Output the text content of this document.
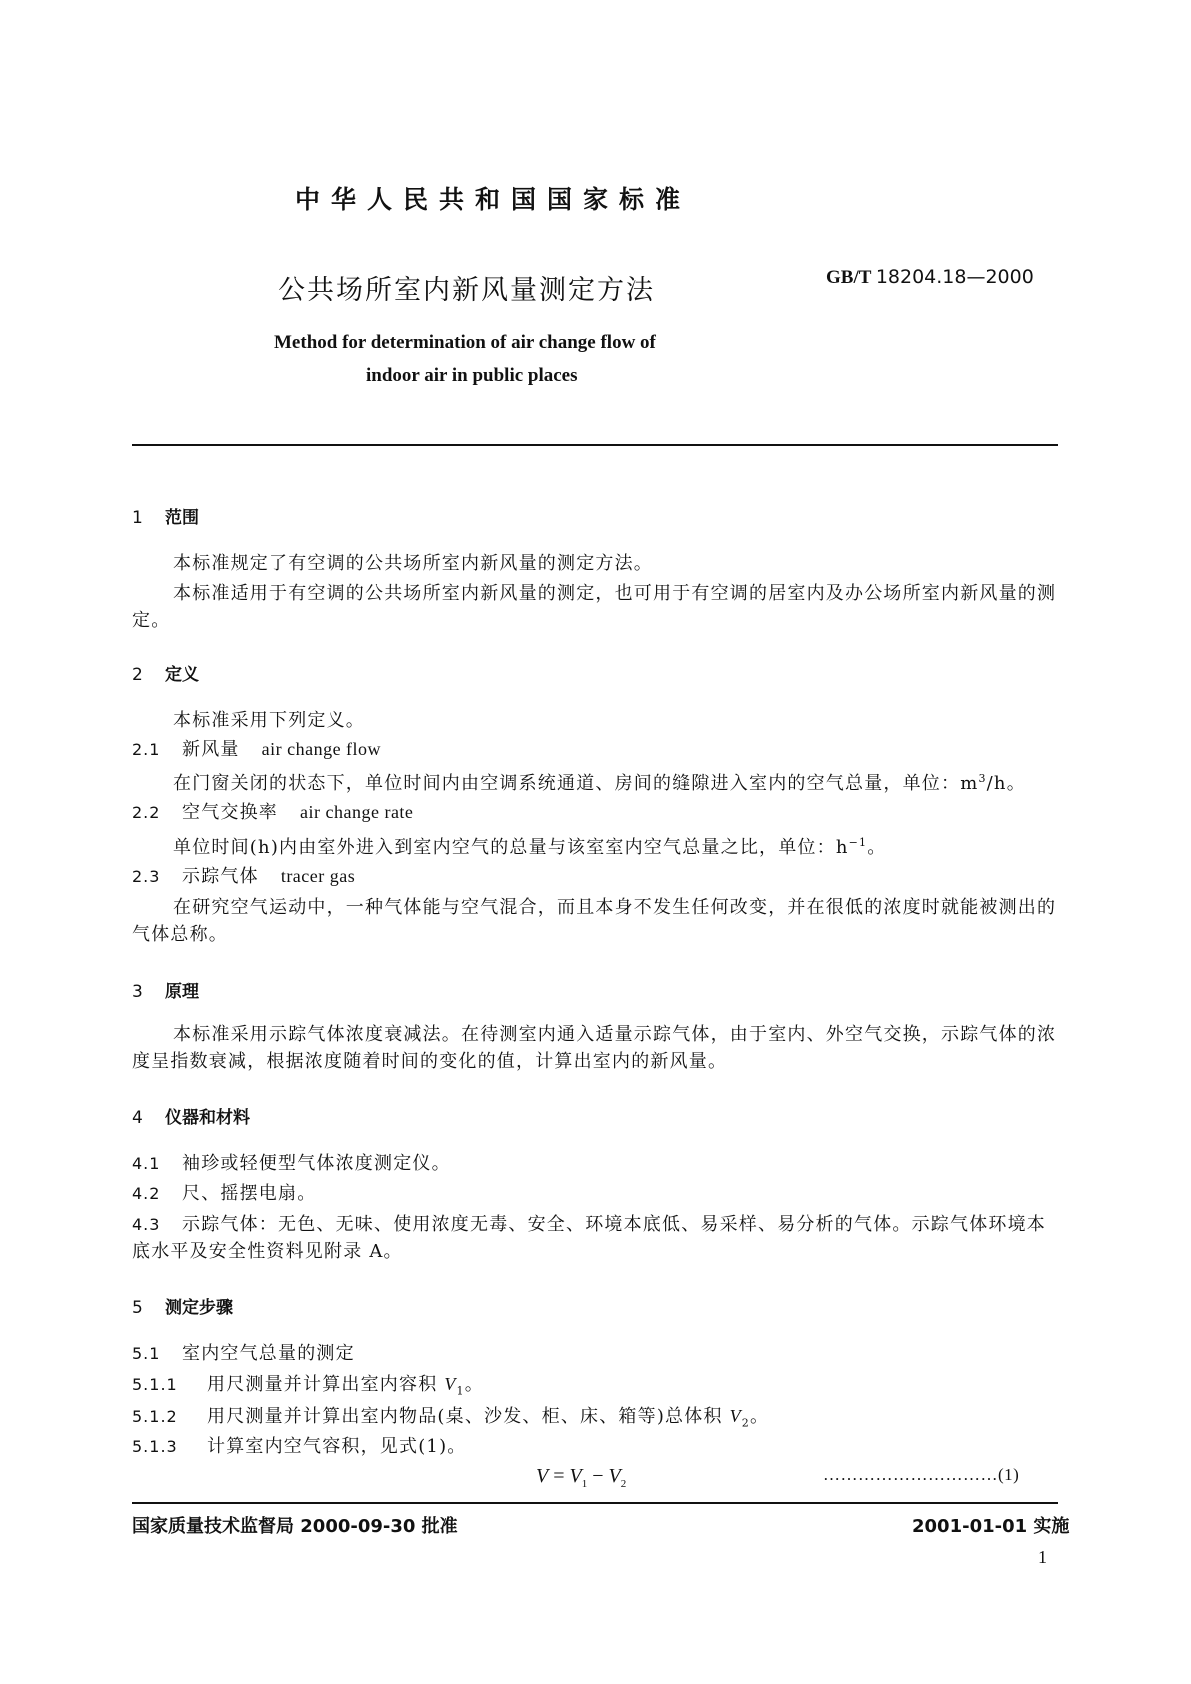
中华人民共和国国家标准
公共场所室内新风量测定方法	GB/T 18204.18—2000
Method for determination of air change flow of
indoor air in public places
1 范围
本标准规定了有空调的公共场所室内新风量的测定方法。
本标准适用于有空调的公共场所室内新风量的测定，也可用于有空调的居室内及办公场所室内新风量的测定。
2 定义
本标准采用下列定义。
2.1 新风量 air change flow
在门窗关闭的状态下，单位时间内由空调系统通道、房间的缝隙进入室内的空气总量，单位：$m^3/h$。
2.2 空气交换率 air change rate
单位时间(h)内由室外进入到室内空气的总量与该室室内空气总量之比，单位：$h^{-1}$。
2.3 示踪气体 tracer gas
在研究空气运动中，一种气体能与空气混合，而且本身不发生任何改变，并在很低的浓度时就能被测出的气体总称。
3 原理
本标准采用示踪气体浓度衰减法。在待测室内通入适量示踪气体，由于室内、外空气交换，示踪气体的浓度呈指数衰减，根据浓度随着时间的变化的值，计算出室内的新风量。
4 仪器和材料
4.1 袖珍或轻便型气体浓度测定仪。
4.2 尺、摇摆电扇。
4.3 示踪气体：无色、无味、使用浓度无毒、安全、环境本底低、易采样、易分析的气体。示踪气体环境本底水平及安全性资料见附录 A。
5 测定步骤
5.1 室内空气总量的测定
5.1.1 用尺测量并计算出室内容积 $V_1$。
5.1.2 用尺测量并计算出室内物品(桌、沙发、柜、床、箱等)总体积 $V_2$。
5.1.3 计算室内空气容积，见式(1)。
$V = V_1 - V_2$	…………………………(1)
国家质量技术监督局 2000-09-30 批准	2001-01-01 实施
1
